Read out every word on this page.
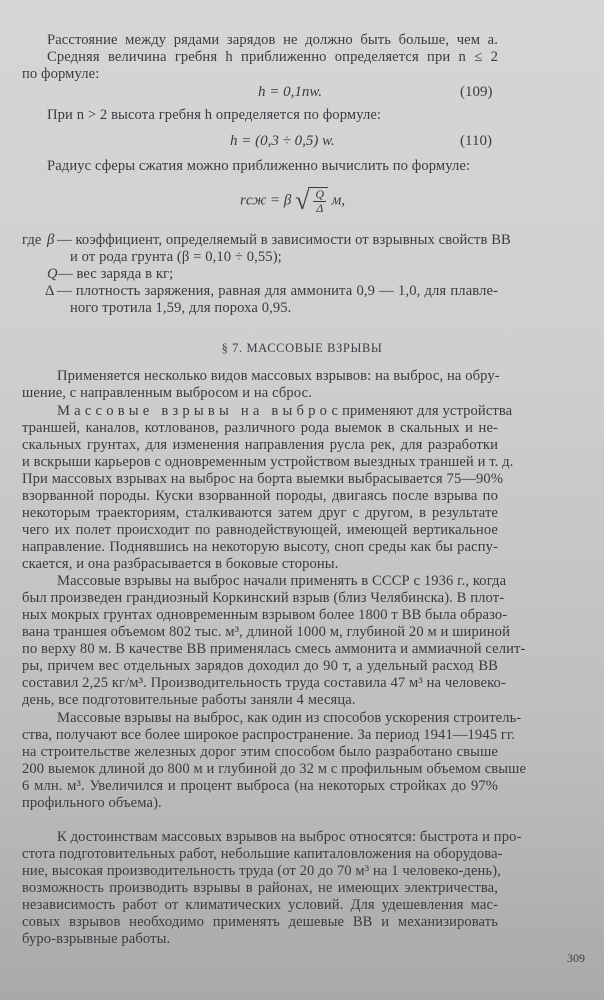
Расстояние между рядами зарядов не должно быть больше, чем a.
Средняя величина гребня h приближенно определяется при n ≤ 2
по формуле:
h = 0,1nw.	(109)
При n > 2 высота гребня h определяется по формуле:
h = (0,3 ÷ 0,5) w.	(110)
Радиус сферы сжатия можно приближенно вычислить по формуле:
rсж = β √ $\frac{Q}{\Delta} м$,
где β — коэффициент, определяемый в зависимости от взрывных свойств ВВ
и от рода грунта (β = 0,10 ÷ 0,55);
Q — вес заряда в кг;
Δ — плотность заряжения, равная для аммонита 0,9 — 1,0, для плавле-
ного тротила 1,59, для пороха 0,95.
§ 7. МАССОВЫЕ ВЗРЫВЫ
Применяется несколько видов массовых взрывов: на выброс, на обру-
шение, с направленным выбросом и на сброс.
Массовые взрывы на выброс применяют для устройства
траншей, каналов, котлованов, различного рода выемок в скальных и не-
скальных грунтах, для изменения направления русла рек, для разработки
и вскрыши карьеров с одновременным устройством выездных траншей и т. д.
При массовых взрывах на выброс на борта выемки выбрасывается 75—90%
взорванной породы. Куски взорванной породы, двигаясь после взрыва по
некоторым траекториям, сталкиваются затем друг с другом, в результате
чего их полет происходит по равнодействующей, имеющей вертикальное
направление. Поднявшись на некоторую высоту, сноп среды как бы распу-
скается, и она разбрасывается в боковые стороны.
Массовые взрывы на выброс начали применять в СССР с 1936 г., когда
был произведен грандиозный Коркинский взрыв (близ Челябинска). В плот-
ных мокрых грунтах одновременным взрывом более 1800 т ВВ была образо-
вана траншея объемом 802 тыс. м³, длиной 1000 м, глубиной 20 м и шириной
по верху 80 м. В качестве ВВ применялась смесь аммонита и аммиачной селит-
ры, причем вес отдельных зарядов доходил до 90 т, а удельный расход ВВ
составил 2,25 кг/м³. Производительность труда составила 47 м³ на человеко-
день, все подготовительные работы заняли 4 месяца.
Массовые взрывы на выброс, как один из способов ускорения строитель-
ства, получают все более широкое распространение. За период 1941—1945 гг.
на строительстве железных дорог этим способом было разработано свыше
200 выемок длиной до 800 м и глубиной до 32 м с профильным объемом свыше
6 млн. м³. Увеличился и процент выброса (на некоторых стройках до 97%
профильного объема).
К достоинствам массовых взрывов на выброс относятся: быстрота и про-
стота подготовительных работ, небольшие капиталовложения на оборудова-
ние, высокая производительность труда (от 20 до 70 м³ на 1 человеко-день),
возможность производить взрывы в районах, не имеющих электричества,
независимость работ от климатических условий. Для удешевления мас-
совых взрывов необходимо применять дешевые ВВ и механизировать
буро-взрывные работы.
309
